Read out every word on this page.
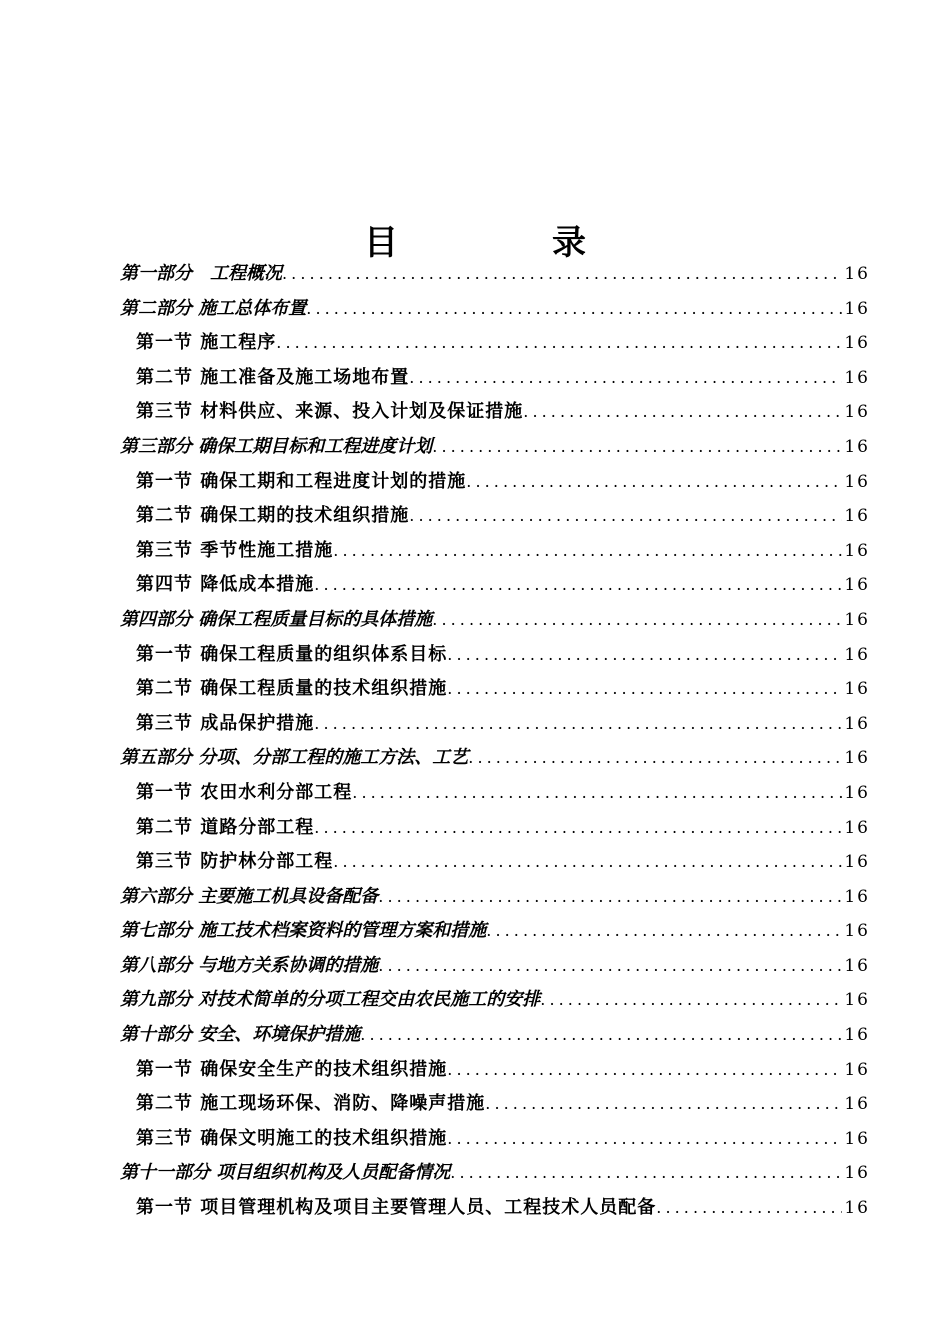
目　录
第一部分　工程概况 . . .	16
第二部分 施工总体布置 . . .	16
第一节 施工程序 . . .	16
第二节 施工准备及施工场地布置 . . .	16
第三节 材料供应、来源、投入计划及保证措施 . . .	16
第三部分 确保工期目标和工程进度计划 . . .	16
第一节 确保工期和工程进度计划的措施 . . .	16
第二节 确保工期的技术组织措施 . . .	16
第三节 季节性施工措施 . . .	16
第四节 降低成本措施 . . .	16
第四部分 确保工程质量目标的具体措施 . . .	16
第一节 确保工程质量的组织体系目标 . . .	16
第二节 确保工程质量的技术组织措施 . . .	16
第三节 成品保护措施 . . .	16
第五部分 分项、分部工程的施工方法、工艺 . . .	16
第一节 农田水利分部工程 . . .	16
第二节 道路分部工程 . . .	16
第三节 防护林分部工程 . . .	16
第六部分 主要施工机具设备配备 . . .	16
第七部分 施工技术档案资料的管理方案和措施 . . .	16
第八部分 与地方关系协调的措施 . . .	16
第九部分 对技术简单的分项工程交由农民施工的安排 . . .	16
第十部分 安全、环境保护措施 . . .	16
第一节 确保安全生产的技术组织措施 . . .	16
第二节 施工现场环保、消防、降噪声措施 . . .	16
第三节 确保文明施工的技术组织措施 . . .	16
第十一部分 项目组织机构及人员配备情况 . . .	16
第一节 项目管理机构及项目主要管理人员、工程技术人员配备 . . .	16
